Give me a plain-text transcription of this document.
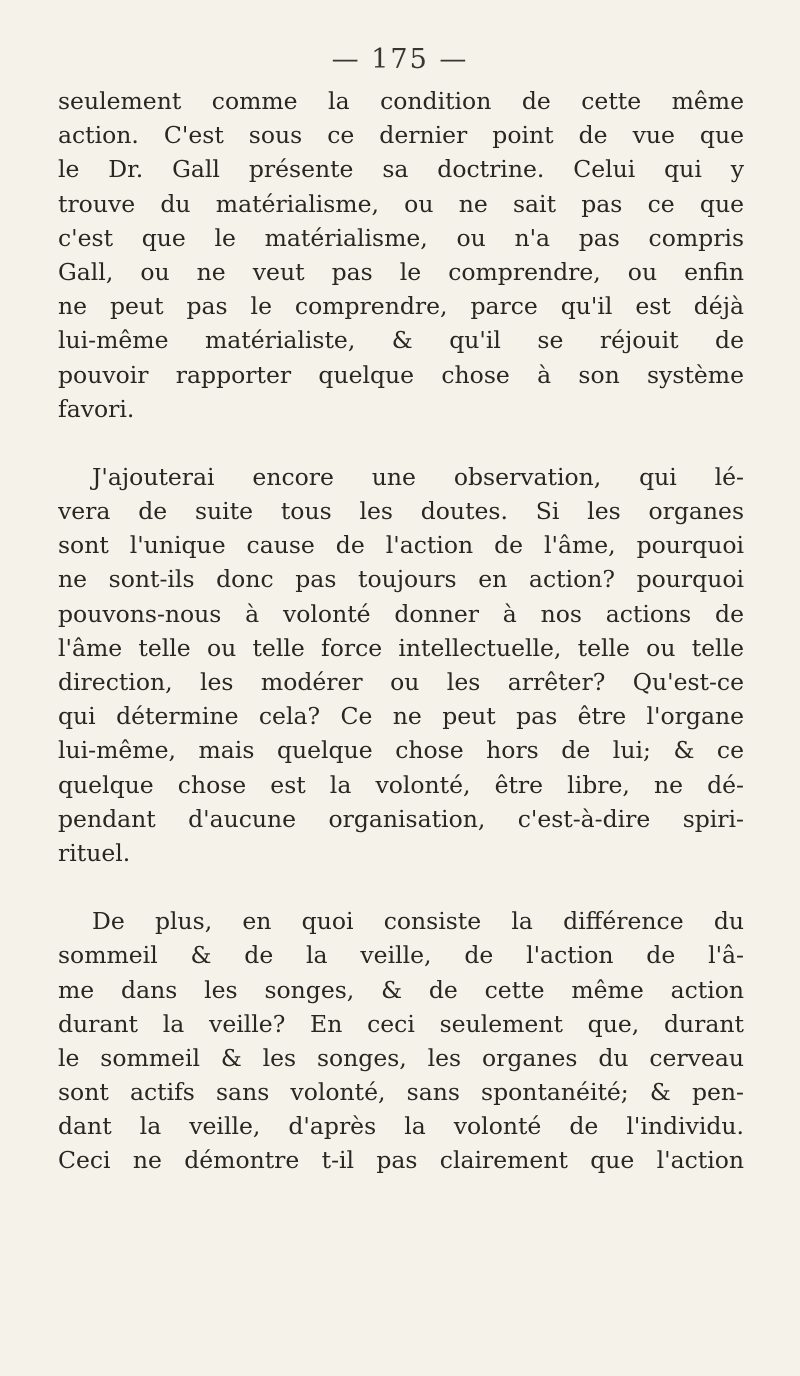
— 175 —
seulement comme la condition de cette même
action. C'est sous ce dernier point de vue que
le Dr. Gall présente sa doctrine. Celui qui y
trouve du matérialisme, ou ne sait pas ce que
c'est que le matérialisme, ou n'a pas compris
Gall, ou ne veut pas le comprendre, ou enfin
ne peut pas le comprendre, parce qu'il est déjà
lui-même matérialiste, & qu'il se réjouit de
pouvoir rapporter quelque chose à son système
favori.
J'ajouterai encore une observation, qui lé-
vera de suite tous les doutes. Si les organes
sont l'unique cause de l'action de l'âme, pourquoi
ne sont-ils donc pas toujours en action? pourquoi
pouvons-nous à volonté donner à nos actions de
l'âme telle ou telle force intellectuelle, telle ou telle
direction, les modérer ou les arrêter? Qu'est-ce
qui détermine cela? Ce ne peut pas être l'organe
lui-même, mais quelque chose hors de lui; & ce
quelque chose est la volonté, être libre, ne dé-
pendant d'aucune organisation, c'est-à-dire spiri-
rituel.
De plus, en quoi consiste la différence du
sommeil & de la veille, de l'action de l'â-
me dans les songes, & de cette même action
durant la veille? En ceci seulement que, durant
le sommeil & les songes, les organes du cerveau
sont actifs sans volonté, sans spontanéité; & pen-
dant la veille, d'après la volonté de l'individu.
Ceci ne démontre t-il pas clairement que l'action
